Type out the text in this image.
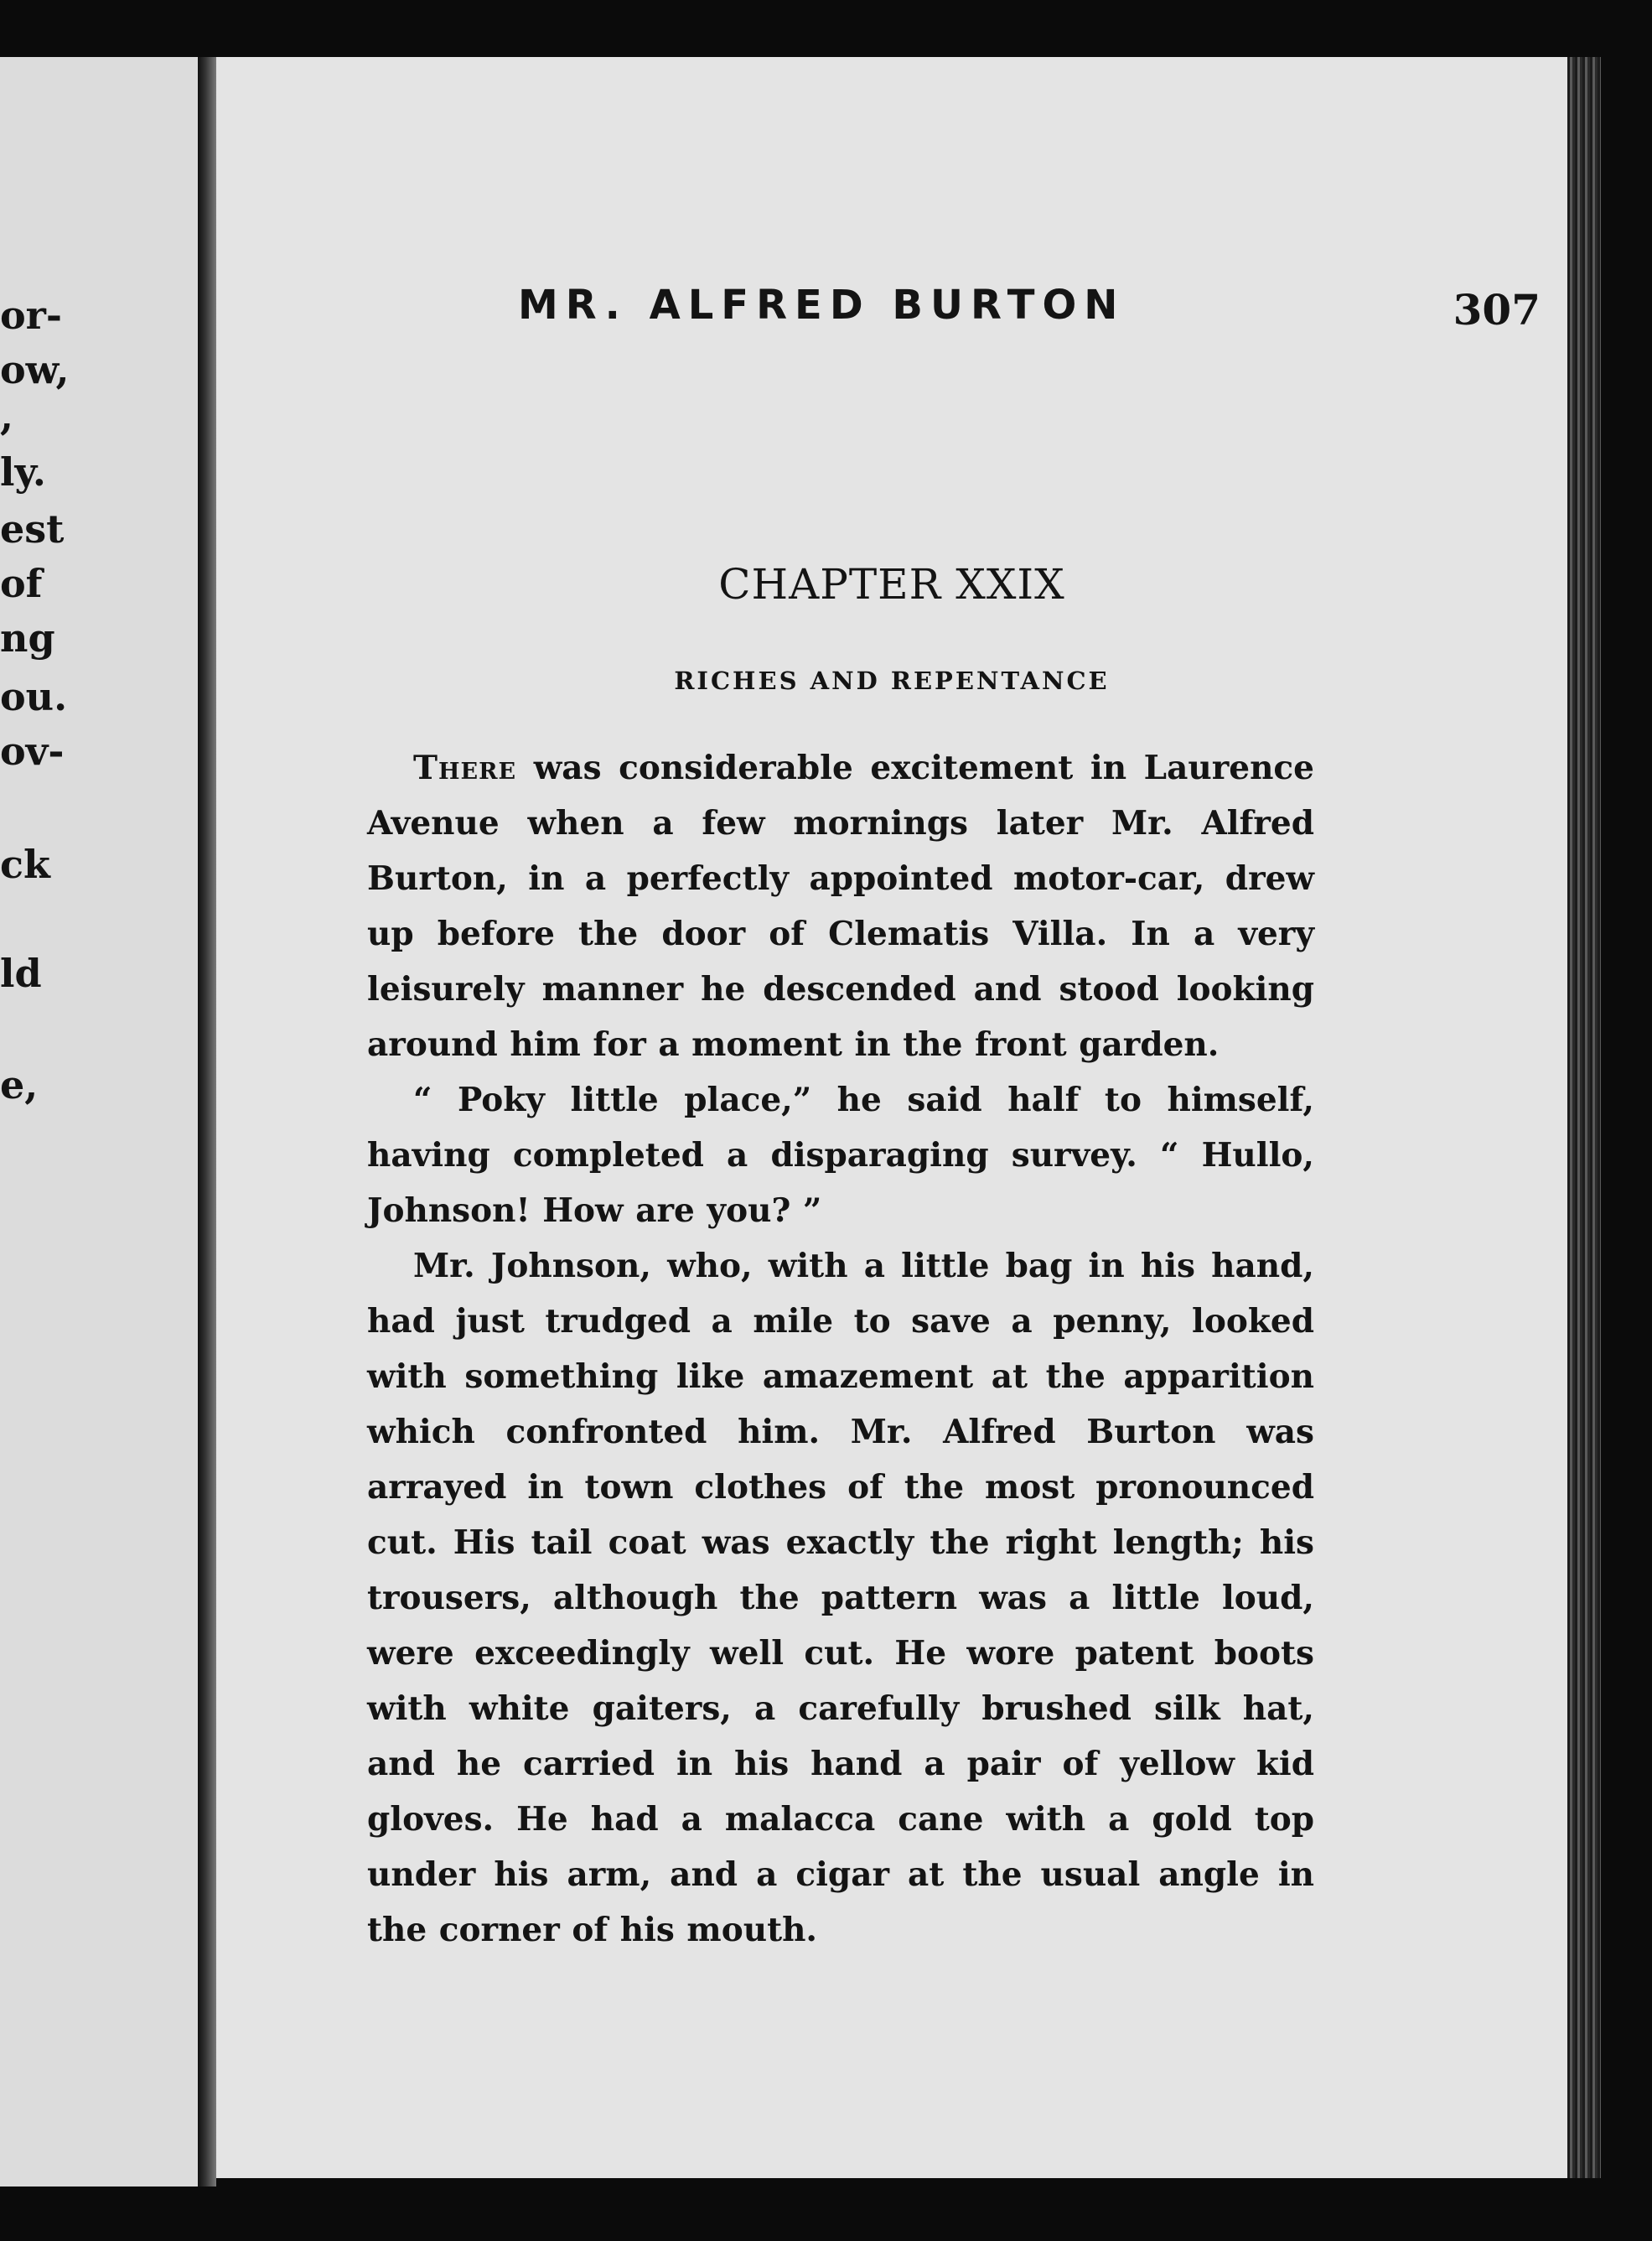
or-
ow,
,
ly.
est
of
ng
ou.
ov-
ck
ld
e,
MR. ALFRED BURTON	307
CHAPTER XXIX
RICHES AND REPENTANCE

There was considerable excitement in Laurence Avenue when a few mornings later Mr. Alfred Burton, in a perfectly appointed motor-car, drew up before the door of Clematis Villa. In a very leisurely manner he descended and stood looking around him for a moment in the front garden.

“ Poky little place,” he said half to himself, having completed a disparaging survey. “ Hullo, Johnson! How are you? ”

Mr. Johnson, who, with a little bag in his hand, had just trudged a mile to save a penny, looked with something like amazement at the apparition which confronted him. Mr. Alfred Burton was arrayed in town clothes of the most pronounced cut. His tail coat was exactly the right length; his trousers, although the pattern was a little loud, were exceedingly well cut. He wore patent boots with white gaiters, a carefully brushed silk hat, and he carried in his hand a pair of yellow kid gloves. He had a malacca cane with a gold top under his arm, and a cigar at the usual angle in the corner of his mouth.
